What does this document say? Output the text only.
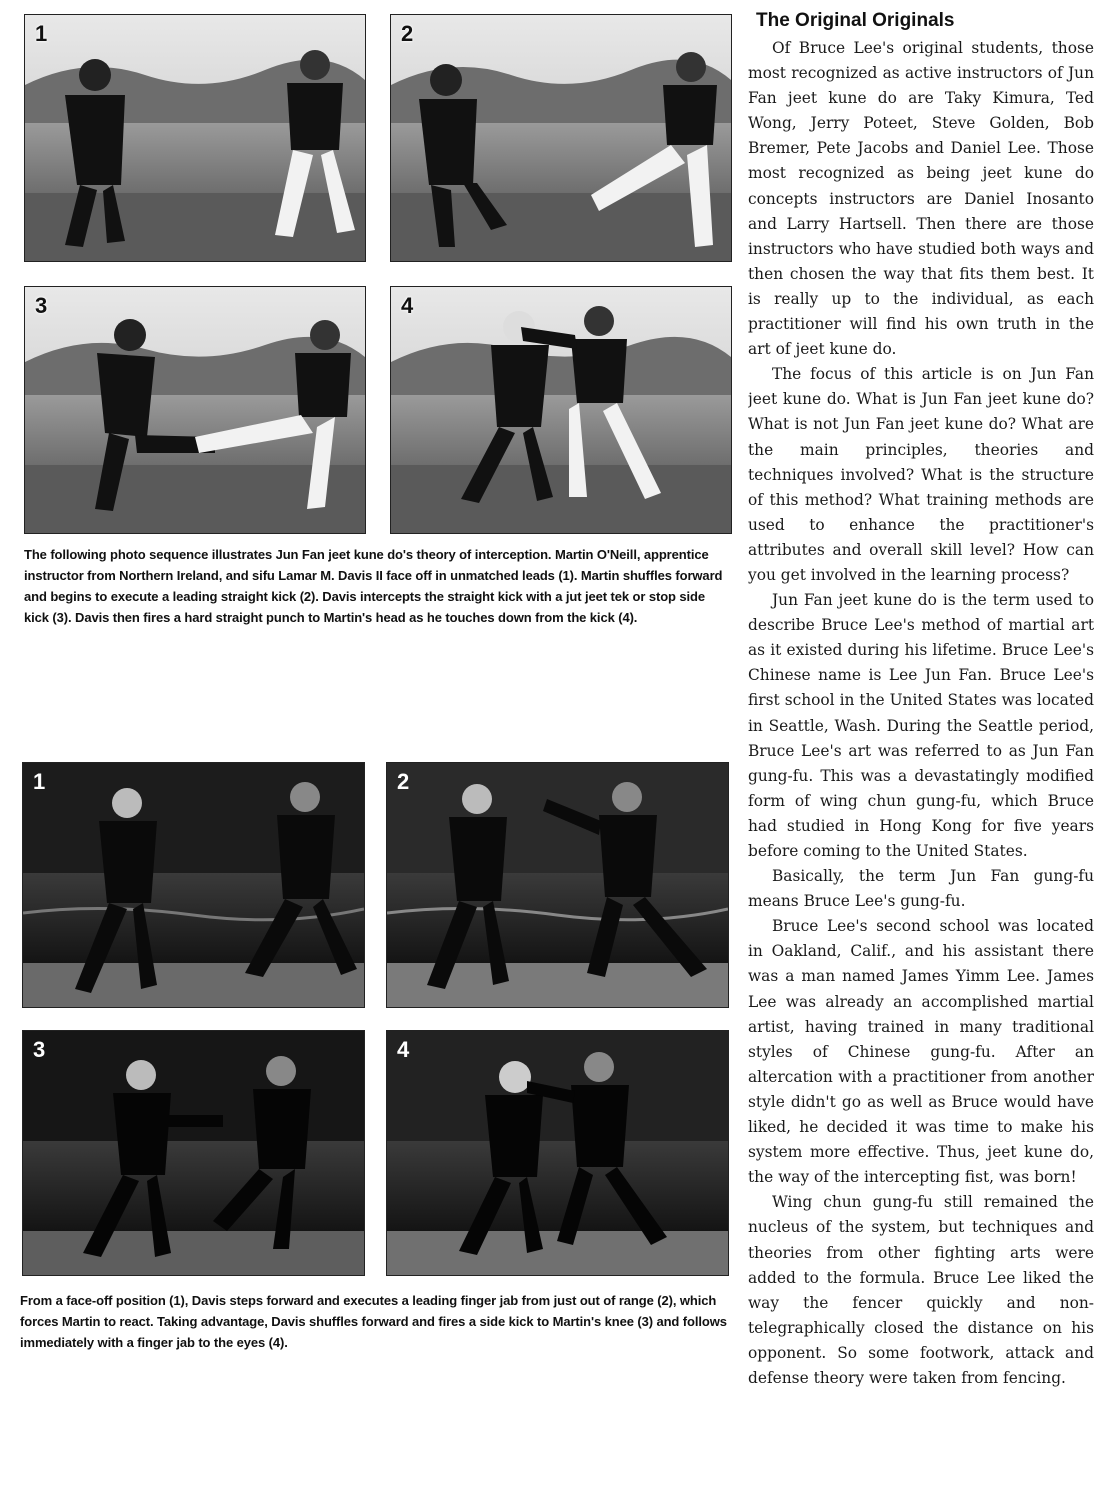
1	2
3	4
The following photo sequence illustrates Jun Fan jeet kune do's theory of interception. Martin O'Neill, apprentice instructor from Northern Ireland, and sifu Lamar M. Davis II face off in unmatched leads (1). Martin shuffles forward and begins to execute a leading straight kick (2). Davis intercepts the straight kick with a jut jeet tek or stop side kick (3). Davis then fires a hard straight punch to Martin's head as he touches down from the kick (4).
1	2
3	4
From a face-off position (1), Davis steps forward and executes a leading finger jab from just out of range (2), which forces Martin to react. Taking advantage, Davis shuffles forward and fires a side kick to Martin's knee (3) and follows immediately with a finger jab to the eyes (4).
The Original Originals

Of Bruce Lee's original students, those most recognized as active instructors of Jun Fan jeet kune do are Taky Kimura, Ted Wong, Jerry Poteet, Steve Golden, Bob Bremer, Pete Jacobs and Daniel Lee. Those most recognized as being jeet kune do concepts instructors are Daniel Inosanto and Larry Hartsell. Then there are those instructors who have studied both ways and then chosen the way that fits them best. It is really up to the individual, as each practitioner will find his own truth in the art of jeet kune do.

The focus of this article is on Jun Fan jeet kune do. What is Jun Fan jeet kune do? What is not Jun Fan jeet kune do? What are the main principles, theories and techniques involved? What is the structure of this method? What training methods are used to enhance the practitioner's attributes and overall skill level? How can you get involved in the learning process?

Jun Fan jeet kune do is the term used to describe Bruce Lee's method of martial art as it existed during his lifetime. Bruce Lee's Chinese name is Lee Jun Fan. Bruce Lee's first school in the United States was located in Seattle, Wash. During the Seattle period, Bruce Lee's art was referred to as Jun Fan gung-fu. This was a devastatingly modified form of wing chun gung-fu, which Bruce had studied in Hong Kong for five years before coming to the United States.

Basically, the term Jun Fan gung-fu means Bruce Lee's gung-fu.

Bruce Lee's second school was located in Oakland, Calif., and his assistant there was a man named James Yimm Lee. James Lee was already an accomplished martial artist, having trained in many traditional styles of Chinese gung-fu. After an altercation with a practitioner from another style didn't go as well as Bruce would have liked, he decided it was time to make his system more effective. Thus, jeet kune do, the way of the intercepting fist, was born!

Wing chun gung-fu still remained the nucleus of the system, but techniques and theories from other fighting arts were added to the formula. Bruce Lee liked the way the fencer quickly and non-telegraphically closed the distance on his opponent. So some footwork, attack and defense theory were taken from fencing.
